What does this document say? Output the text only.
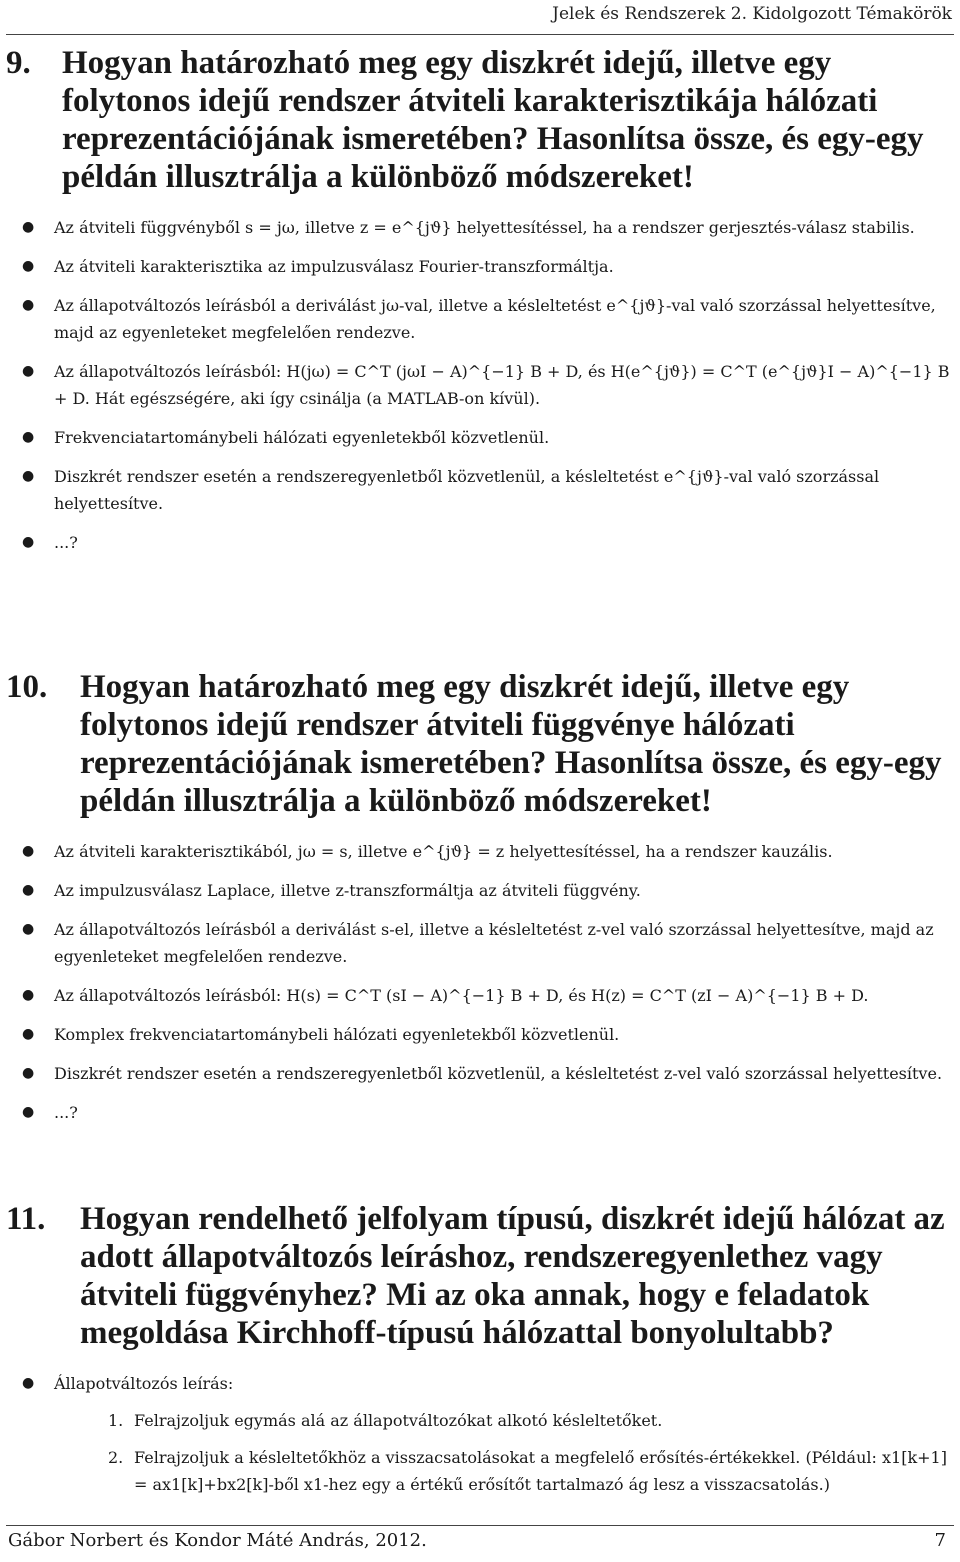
Jelek és Rendszerek 2. Kidolgozott Témakörök
9. Hogyan határozható meg egy diszkrét idejű, illetve egy folytonos idejű rendszer átviteli karakterisztikája hálózati reprezentációjának ismeretében? Hasonlítsa össze, és egy-egy példán illusztrálja a különböző módszereket!
● Az átviteli függvényből s = jω, illetve z = e^{jϑ} helyettesítéssel, ha a rendszer gerjesztés-válasz stabilis.
● Az átviteli karakterisztika az impulzusválasz Fourier-transzformáltja.
● Az állapotváltozós leírásból a deriválást jω-val, illetve a késleltetést e^{jϑ}-val való szorzással helyettesítve, majd az egyenleteket megfelelően rendezve.
● Az állapotváltozós leírásból: H(jω) = C^T (jωI − A)^{−1} B + D, és H(e^{jϑ}) = C^T (e^{jϑ}I − A)^{−1} B + D. Hát egészségére, aki így csinálja (a MATLAB-on kívül).
● Frekvenciatartománybeli hálózati egyenletekből közvetlenül.
● Diszkrét rendszer esetén a rendszeregyenletből közvetlenül, a késleltetést e^{jϑ}-val való szorzással helyettesítve.
● ...?
10. Hogyan határozható meg egy diszkrét idejű, illetve egy folytonos idejű rendszer átviteli függvénye hálózati reprezentációjának ismeretében? Hasonlítsa össze, és egy-egy példán illusztrálja a különböző módszereket!
● Az átviteli karakterisztikából, jω = s, illetve e^{jϑ} = z helyettesítéssel, ha a rendszer kauzális.
● Az impulzusválasz Laplace, illetve z-transzformáltja az átviteli függvény.
● Az állapotváltozós leírásból a deriválást s-el, illetve a késleltetést z-vel való szorzással helyettesítve, majd az egyenleteket megfelelően rendezve.
● Az állapotváltozós leírásból: H(s) = C^T (sI − A)^{−1} B + D, és H(z) = C^T (zI − A)^{−1} B + D.
● Komplex frekvenciatartománybeli hálózati egyenletekből közvetlenül.
● Diszkrét rendszer esetén a rendszeregyenletből közvetlenül, a késleltetést z-vel való szorzással helyettesítve.
● ...?
11. Hogyan rendelhető jelfolyam típusú, diszkrét idejű hálózat az adott állapotváltozós leíráshoz, rendszeregyenlethez vagy átviteli függvényhez? Mi az oka annak, hogy e feladatok megoldása Kirchhoff-típusú hálózattal bonyolultabb?
● Állapotváltozós leírás:
1. Felrajzoljuk egymás alá az állapotváltozókat alkotó késleltetőket.
2. Felrajzoljuk a késleltetőkhöz a visszacsatolásokat a megfelelő erősítés-értékekkel. (Például: x1[k+1] = ax1[k]+bx2[k]-ből x1-hez egy a értékű erősítőt tartalmazó ág lesz a visszacsatolás.)
Gábor Norbert és Kondor Máté András, 2012.	7
